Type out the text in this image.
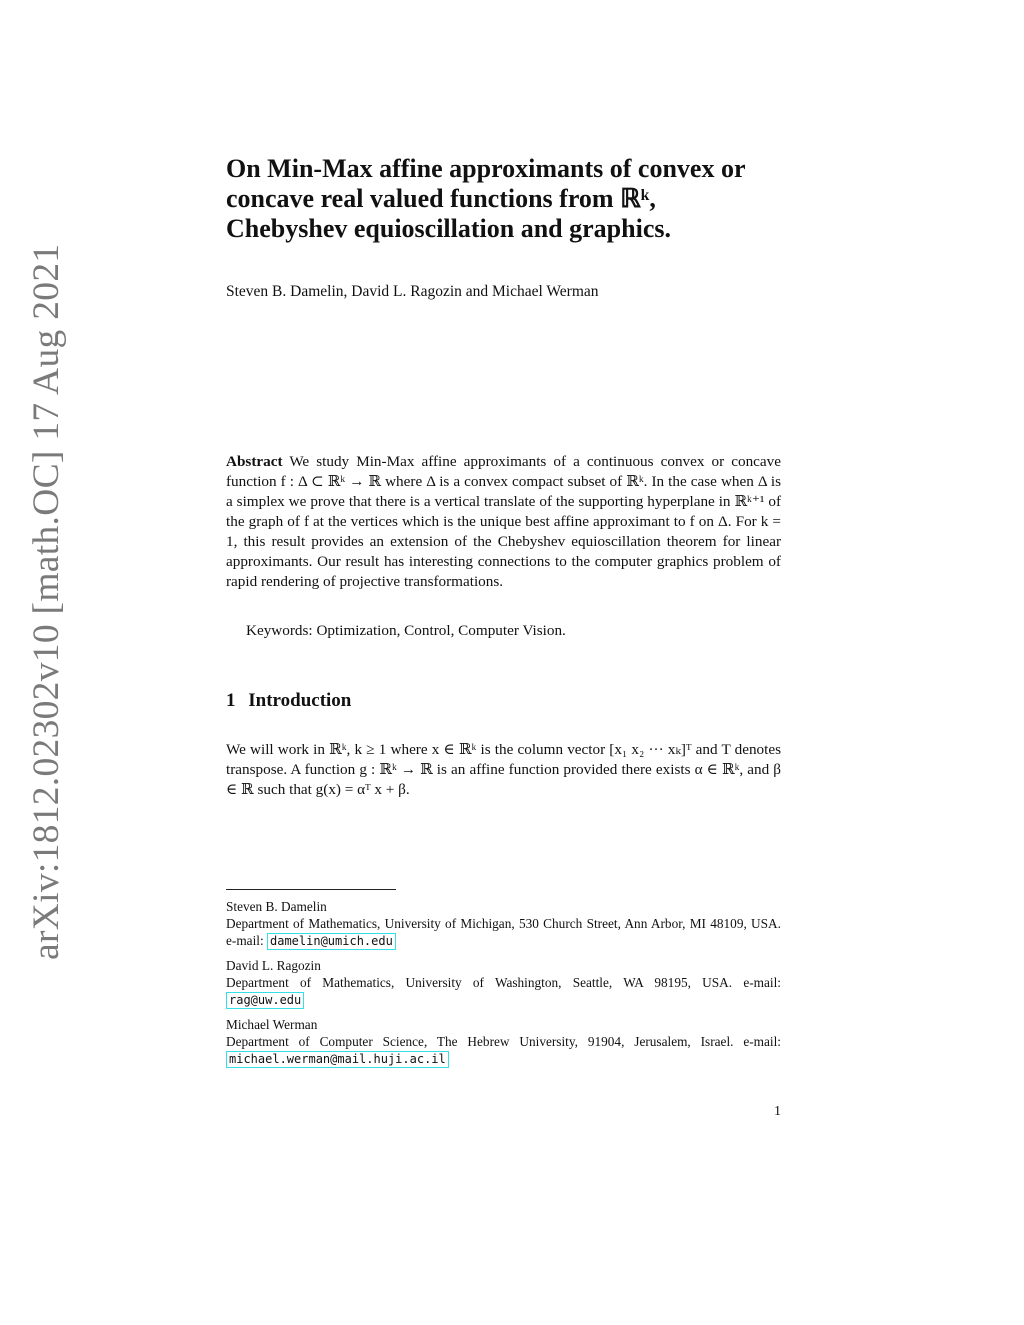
arXiv:1812.02302v10 [math.OC] 17 Aug 2021
On Min-Max affine approximants of convex or
concave real valued functions from ℝᵏ,
Chebyshev equioscillation and graphics.
Steven B. Damelin, David L. Ragozin and Michael Werman
Abstract We study Min-Max affine approximants of a continuous convex or concave function f : Δ ⊂ ℝᵏ → ℝ where Δ is a convex compact subset of ℝᵏ. In the case when Δ is a simplex we prove that there is a vertical translate of the supporting hyperplane in ℝᵏ⁺¹ of the graph of f at the vertices which is the unique best affine approximant to f on Δ. For k = 1, this result provides an extension of the Chebyshev equioscillation theorem for linear approximants. Our result has interesting connections to the computer graphics problem of rapid rendering of projective transformations.
Keywords: Optimization, Control, Computer Vision.
1 Introduction
We will work in ℝᵏ, k ≥ 1 where x ∈ ℝᵏ is the column vector [x₁ x₂ ··· xₖ]ᵀ and T denotes transpose. A function g : ℝᵏ → ℝ is an affine function provided there exists α ∈ ℝᵏ, and β ∈ ℝ such that g(x) = αᵀ x + β.
Steven B. Damelin
Department of Mathematics, University of Michigan, 530 Church Street, Ann Arbor, MI 48109, USA. e-mail: damelin@umich.edu
David L. Ragozin
Department of Mathematics, University of Washington, Seattle, WA 98195, USA. e-mail: rag@uw.edu
Michael Werman
Department of Computer Science, The Hebrew University, 91904, Jerusalem, Israel. e-mail: michael.werman@mail.huji.ac.il
1
